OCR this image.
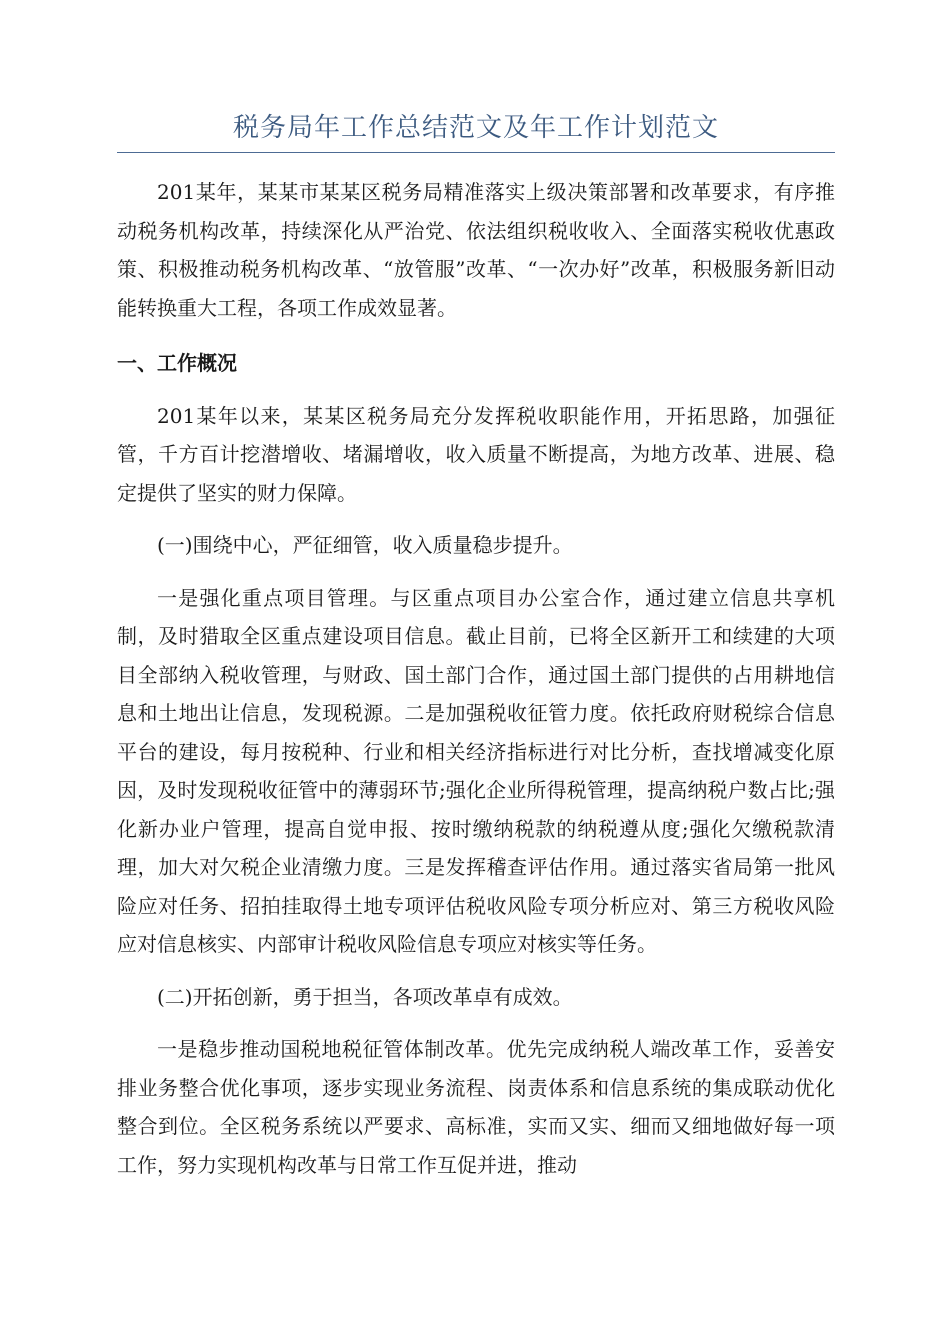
税务局年工作总结范文及年工作计划范文

201某年，某某市某某区税务局精准落实上级决策部署和改革要求，有序推动税务机构改革，持续深化从严治党、依法组织税收收入、全面落实税收优惠政策、积极推动税务机构改革、“放管服”改革、“一次办好”改革，积极服务新旧动能转换重大工程，各项工作成效显著。

一、工作概况

201某年以来，某某区税务局充分发挥税收职能作用，开拓思路，加强征管，千方百计挖潜增收、堵漏增收，收入质量不断提高，为地方改革、进展、稳定提供了坚实的财力保障。

(一)围绕中心，严征细管，收入质量稳步提升。

一是强化重点项目管理。与区重点项目办公室合作，通过建立信息共享机制，及时猎取全区重点建设项目信息。截止目前，已将全区新开工和续建的大项目全部纳入税收管理，与财政、国土部门合作，通过国土部门提供的占用耕地信息和土地出让信息，发现税源。二是加强税收征管力度。依托政府财税综合信息平台的建设，每月按税种、行业和相关经济指标进行对比分析，查找增减变化原因，及时发现税收征管中的薄弱环节;强化企业所得税管理，提高纳税户数占比;强化新办业户管理，提高自觉申报、按时缴纳税款的纳税遵从度;强化欠缴税款清理，加大对欠税企业清缴力度。三是发挥稽查评估作用。通过落实省局第一批风险应对任务、招拍挂取得土地专项评估税收风险专项分析应对、第三方税收风险应对信息核实、内部审计税收风险信息专项应对核实等任务。

(二)开拓创新，勇于担当，各项改革卓有成效。

一是稳步推动国税地税征管体制改革。优先完成纳税人端改革工作，妥善安排业务整合优化事项，逐步实现业务流程、岗责体系和信息系统的集成联动优化整合到位。全区税务系统以严要求、高标准，实而又实、细而又细地做好每一项工作，努力实现机构改革与日常工作互促并进，推动
